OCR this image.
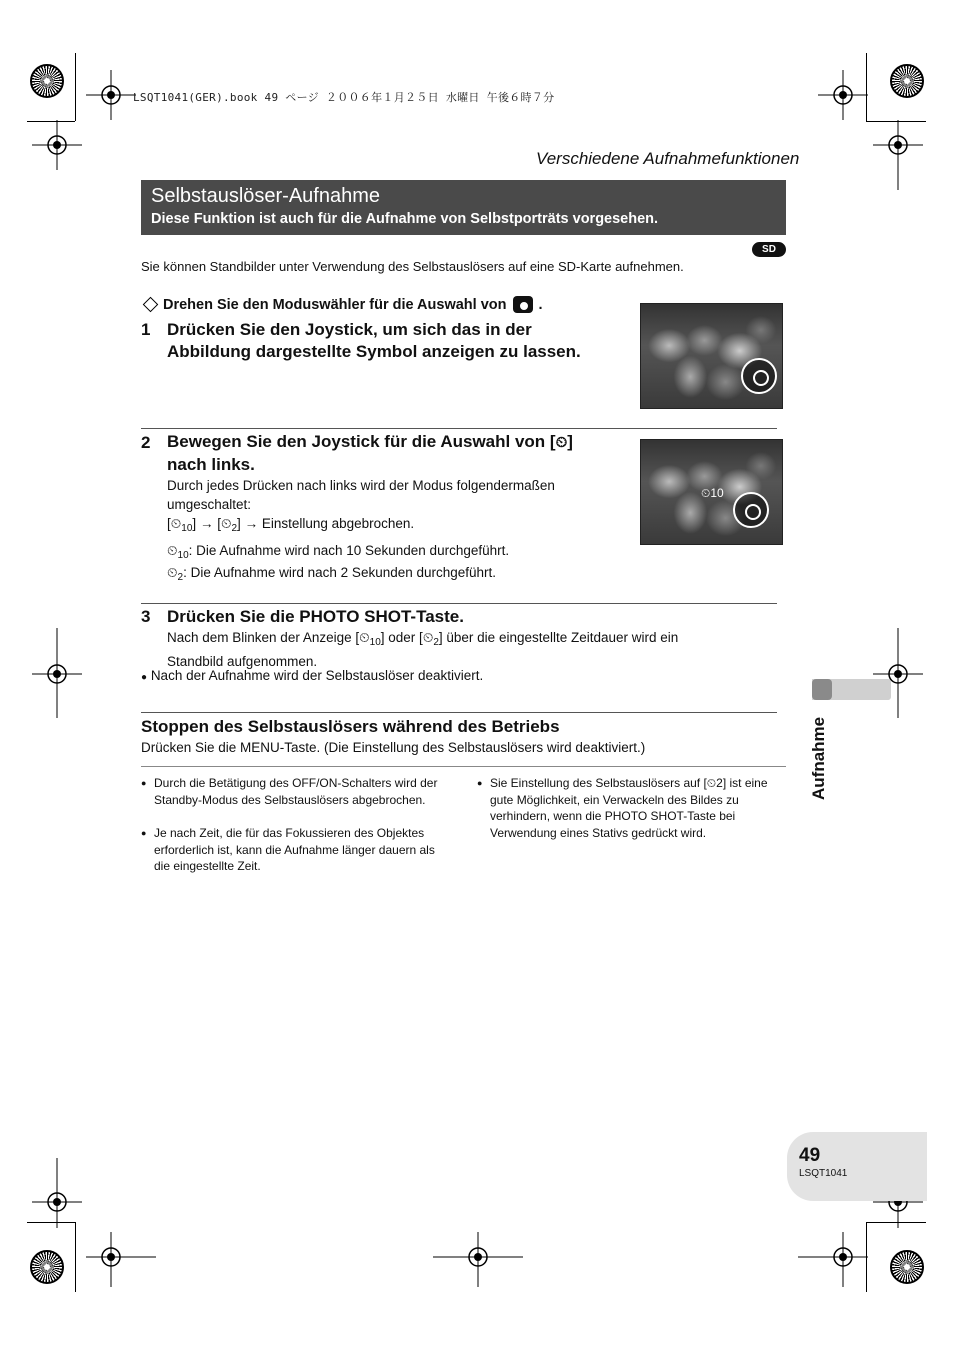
LSQT1041(GER).book 49 ページ ２００６年１月２５日 水曜日 午後６時７分
Verschiedene Aufnahmefunktionen
Selbstauslöser-Aufnahme
Diese Funktion ist auch für die Aufnahme von Selbstporträts vorgesehen.
SD
Sie können Standbilder unter Verwendung des Selbstauslösers auf eine SD-Karte aufnehmen.
Drehen Sie den Moduswähler für die Auswahl von .
1 Drücken Sie den Joystick, um sich das in der
Abbildung dargestellte Symbol anzeigen zu lassen.
2 Bewegen Sie den Joystick für die Auswahl von [⏲]
nach links.
Durch jedes Drücken nach links wird der Modus folgendermaßen
umgeschaltet:
$[⏲_{10}]$ → $[⏲_2]$ → Einstellung abgebrochen.
$⏲_{10}$: Die Aufnahme wird nach 10 Sekunden durchgeführt.
$⏲_2$: Die Aufnahme wird nach 2 Sekunden durchgeführt.
⏲10
3 Drücken Sie die PHOTO SHOT-Taste.
Nach dem Blinken der Anzeige $[⏲_{10}]$ oder $[⏲_2]$ über die eingestellte Zeitdauer wird ein
Standbild aufgenommen.
● Nach der Aufnahme wird der Selbstauslöser deaktiviert.
Stoppen des Selbstauslösers während des Betriebs
Drücken Sie die MENU-Taste. (Die Einstellung des Selbstauslösers wird deaktiviert.)
● Durch die Betätigung des OFF/ON-Schalters wird der Standby-Modus des Selbstauslösers abgebrochen.
● Je nach Zeit, die für das Fokussieren des Objektes erforderlich ist, kann die Aufnahme länger dauern als die eingestellte Zeit.
● Sie Einstellung des Selbstauslösers auf [⏲2] ist eine gute Möglichkeit, ein Verwackeln des Bildes zu verhindern, wenn die PHOTO SHOT-Taste bei Verwendung eines Stativs gedrückt wird.
Aufnahme
49
LSQT1041
